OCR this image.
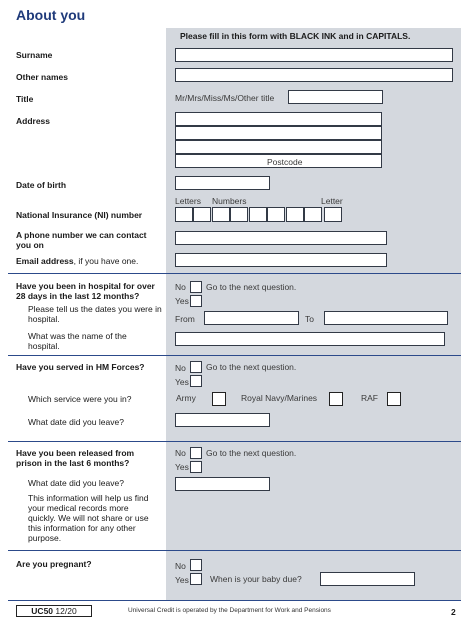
About you
Please fill in this form with BLACK INK and in CAPITALS.
Surname
Other names
Title	Mr/Mrs/Miss/Ms/Other title
Address
Postcode
Date of birth
Letters Numbers	Letter
National Insurance (NI) number
A phone number we can contact you on
Email address, if you have one.
Have you been in hospital for over 28 days in the last 12 months?
No Go to the next question.
Yes
Please tell us the dates you were in hospital.	From	To
What was the name of the hospital.
Have you served in HM Forces?	No Go to the next question.
Yes
Which service were you in?	Army	Royal Navy/Marines	RAF
What date did you leave?
Have you been released from prison in the last 6 months?
No Go to the next question.
Yes
What date did you leave?
This information will help us find your medical records more quickly. We will not share or use this information for any other purpose.
Are you pregnant?	No
Yes When is your baby due?
UC50 12/20	Universal Credit is operated by the Department for Work and Pensions	2
